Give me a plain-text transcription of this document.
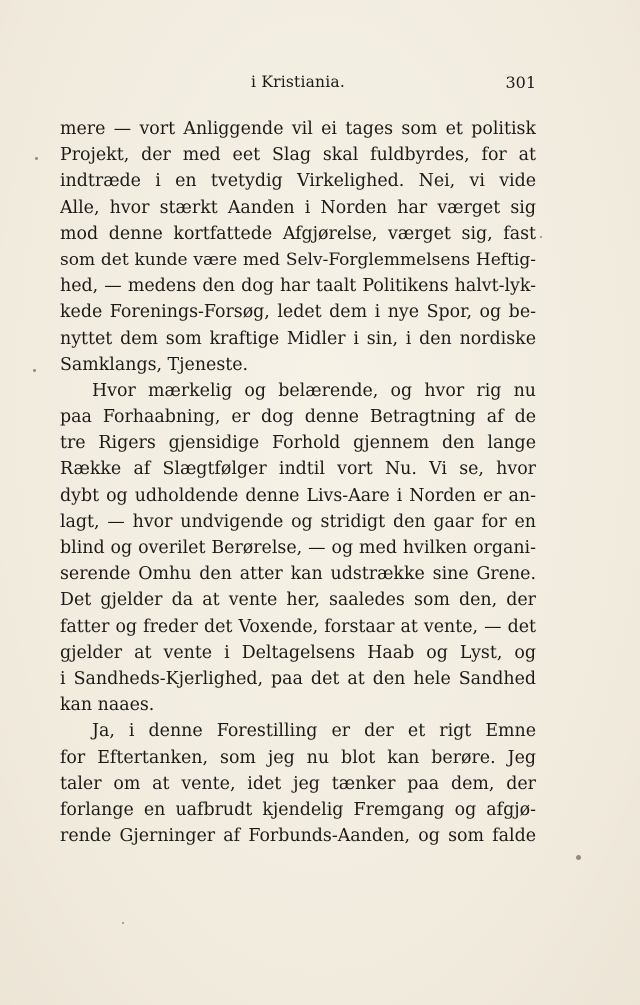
i Kristiania.	301
mere — vort Anliggende vil ei tages som et politisk
Projekt, der med eet Slag skal fuldbyrdes, for at
indtræde i en tvetydig Virkelighed. Nei, vi vide
Alle, hvor stærkt Aanden i Norden har værget sig
mod denne kortfattede Afgjørelse, værget sig, fast
som det kunde være med Selv-Forglemmelsens Heftig-
hed, — medens den dog har taalt Politikens halvt-lyk-
kede Forenings-Forsøg, ledet dem i nye Spor, og be-
nyttet dem som kraftige Midler i sin, i den nordiske
Samklangs, Tjeneste.
Hvor mærkelig og belærende, og hvor rig nu
paa Forhaabning, er dog denne Betragtning af de
tre Rigers gjensidige Forhold gjennem den lange
Række af Slægtfølger indtil vort Nu. Vi se, hvor
dybt og udholdende denne Livs-Aare i Norden er an-
lagt, — hvor undvigende og stridigt den gaar for en
blind og overilet Berørelse, — og med hvilken organi-
serende Omhu den atter kan udstrække sine Grene.
Det gjelder da at vente her, saaledes som den, der
fatter og freder det Voxende, forstaar at vente, — det
gjelder at vente i Deltagelsens Haab og Lyst, og
i Sandheds-Kjerlighed, paa det at den hele Sandhed
kan naaes.
Ja, i denne Forestilling er der et rigt Emne
for Eftertanken, som jeg nu blot kan berøre. Jeg
taler om at vente, idet jeg tænker paa dem, der
forlange en uafbrudt kjendelig Fremgang og afgjø-
rende Gjerninger af Forbunds-Aanden, og som falde
